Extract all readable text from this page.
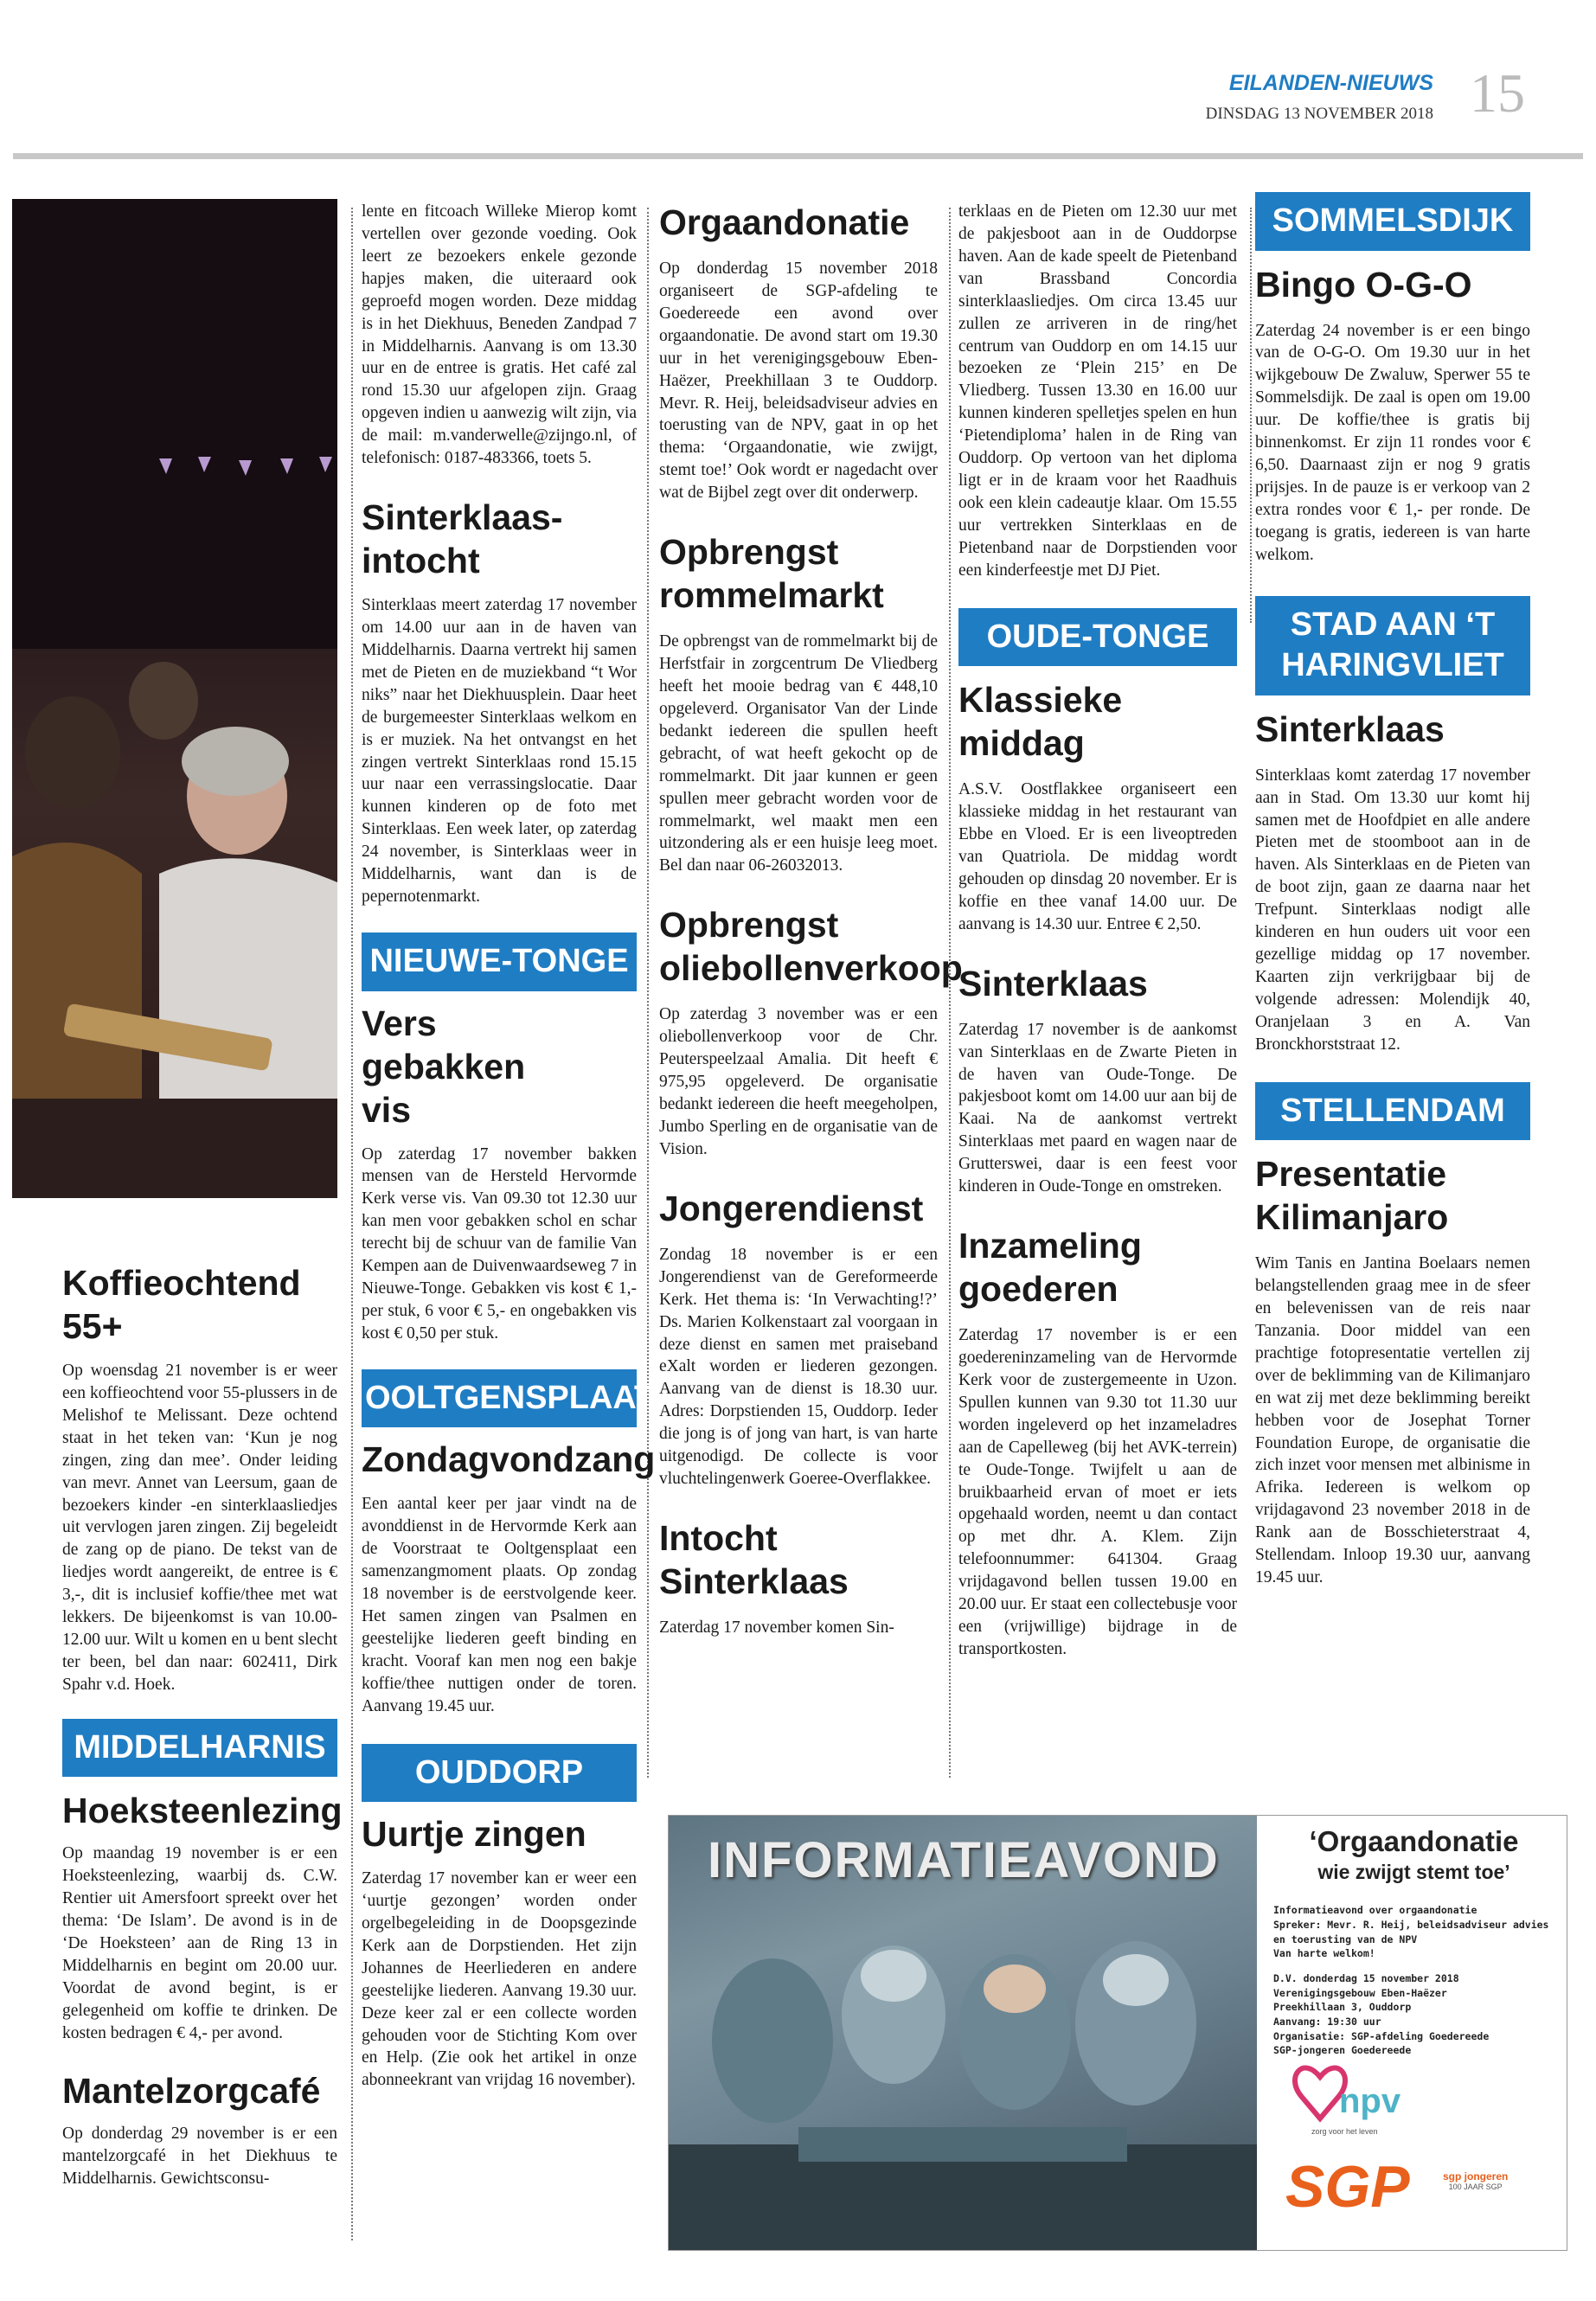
15
EILANDEN-NIEUWS
DINSDAG 13 NOVEMBER 2018
Koffieochtend 55+

Op woensdag 21 november is er weer een koffieochtend voor 55-plussers in de Melishof te Melissant. Deze ochtend staat in het teken van: ‘Kun je nog zingen, zing dan mee’. Onder leiding van mevr. Annet van Leersum, gaan de bezoekers kinder -en sinterklaasliedjes uit vervlogen jaren zingen. Zij begeleidt de zang op de piano. De tekst van de liedjes wordt aangereikt, de entree is € 3,-, dit is inclusief koffie/thee met wat lekkers. De bijeenkomst is van 10.00-12.00 uur. Wilt u komen en u bent slecht ter been, bel dan naar: 602411, Dirk Spahr v.d. Hoek.

MIDDELHARNIS
Hoeksteenlezing

Op maandag 19 november is er een Hoeksteenlezing, waarbij ds. C.W. Rentier uit Amersfoort spreekt over het thema: ‘De Islam’. De avond is in de ‘De Hoeksteen’ aan de Ring 13 in Middelharnis en begint om 20.00 uur. Voordat de avond begint, is er gelegenheid om koffie te drinken. De kosten bedragen € 4,- per avond.

Mantelzorgcafé

Op donderdag 29 november is er een mantelzorgcafé in het Diekhuus te Middelharnis. Gewichtsconsu-

lente en fitcoach Willeke Mierop komt vertellen over gezonde voeding. Ook leert ze bezoekers enkele gezonde hapjes maken, die uiteraard ook geproefd mogen worden. Deze middag is in het Diekhuus, Beneden Zandpad 7 in Middelharnis. Aanvang is om 13.30 uur en de entree is gratis. Het café zal rond 15.30 uur afgelopen zijn. Graag opgeven indien u aanwezig wilt zijn, via de mail: m.vanderwelle@zijngo.nl, of telefonisch: 0187-483366, toets 5.

Sinterklaas-intocht

Sinterklaas meert zaterdag 17 november om 14.00 uur aan in de haven van Middelharnis. Daarna vertrekt hij samen met de Pieten en de muziekband “t Wor niks” naar het Diekhuusplein. Daar heet de burgemeester Sinterklaas welkom en is er muziek. Na het ontvangst en het zingen vertrekt Sinterklaas rond 15.15 uur naar een verrassingslocatie. Daar kunnen kinderen op de foto met Sinterklaas. Een week later, op zaterdag 24 november, is Sinterklaas weer in Middelharnis, want dan is de pepernotenmarkt.

NIEUWE-TONGE
Vers gebakken vis

Op zaterdag 17 november bakken mensen van de Hersteld Hervormde Kerk verse vis. Van 09.30 tot 12.30 uur kan men voor gebakken schol en schar terecht bij de schuur van de familie Van Kempen aan de Duivenwaardseweg 7 in Nieuwe-Tonge. Gebakken vis kost € 1,- per stuk, 6 voor € 5,- en ongebakken vis kost € 0,50 per stuk.

OOLTGENSPLAAT
Zondagvondzang

Een aantal keer per jaar vindt na de avonddienst in de Hervormde Kerk aan de Voorstraat te Ooltgensplaat een samenzangmoment plaats. Op zondag 18 november is de eerstvolgende keer. Het samen zingen van Psalmen en geestelijke liederen geeft binding en kracht. Vooraf kan men nog een bakje koffie/thee nuttigen onder de toren. Aanvang 19.45 uur.

OUDDORP
Uurtje zingen

Zaterdag 17 november kan er weer een ‘uurtje gezongen’ worden onder orgelbegeleiding in de Doopsgezinde Kerk aan de Dorpstienden. Het zijn Johannes de Heerliederen en andere geestelijke liederen. Aanvang 19.30 uur. Deze keer zal er een collecte worden gehouden voor de Stichting Kom over en Help. (Zie ook het artikel in onze abonneekrant van vrijdag 16 november).

Orgaandonatie

Op donderdag 15 november 2018 organiseert de SGP-afdeling te Goedereede een avond over orgaandonatie. De avond start om 19.30 uur in het verenigingsgebouw Eben-Haëzer, Preekhillaan 3 te Ouddorp. Mevr. R. Heij, beleidsadviseur advies en toerusting van de NPV, gaat in op het thema: ‘Orgaandonatie, wie zwijgt, stemt toe!’ Ook wordt er nagedacht over wat de Bijbel zegt over dit onderwerp.

Opbrengst rommelmarkt

De opbrengst van de rommelmarkt bij de Herfstfair in zorgcentrum De Vliedberg heeft het mooie bedrag van € 448,10 opgeleverd. Organisator Van der Linde bedankt iedereen die spullen heeft gebracht, of wat heeft gekocht op de rommelmarkt. Dit jaar kunnen er geen spullen meer gebracht worden voor de rommelmarkt, wel maakt men een uitzondering als er een huisje leeg moet. Bel dan naar 06-26032013.

Opbrengst oliebollenverkoop

Op zaterdag 3 november was er een oliebollenverkoop voor de Chr. Peuterspeelzaal Amalia. Dit heeft € 975,95 opgeleverd. De organisatie bedankt iedereen die heeft meegeholpen, Jumbo Sperling en de organisatie van de Vision.

Jongerendienst

Zondag 18 november is er een Jongerendienst van de Gereformeerde Kerk. Het thema is: ‘In Verwachting!?’ Ds. Marien Kolkenstaart zal voorgaan in deze dienst en samen met praiseband eXalt worden er liederen gezongen. Aanvang van de dienst is 18.30 uur. Adres: Dorpstienden 15, Ouddorp. Ieder die jong is of jong van hart, is van harte uitgenodigd. De collecte is voor vluchtelingenwerk Goeree-Overflakkee.

Intocht Sinterklaas

Zaterdag 17 november komen Sin-

terklaas en de Pieten om 12.30 uur met de pakjesboot aan in de Ouddorpse haven. Aan de kade speelt de Pietenband van Brassband Concordia sinterklaasliedjes. Om circa 13.45 uur zullen ze arriveren in de ring/het centrum van Ouddorp en om 14.15 uur bezoeken ze ‘Plein 215’ en De Vliedberg. Tussen 13.30 en 16.00 uur kunnen kinderen spelletjes spelen en hun ‘Pietendiploma’ halen in de Ring van Ouddorp. Op vertoon van het diploma ligt er in de kraam voor het Raadhuis ook een klein cadeautje klaar. Om 15.55 uur vertrekken Sinterklaas en de Pietenband naar de Dorpstienden voor een kinderfeestje met DJ Piet.

OUDE-TONGE
Klassieke middag

A.S.V. Oostflakkee organiseert een klassieke middag in het restaurant van Ebbe en Vloed. Er is een liveoptreden van Quatriola. De middag wordt gehouden op dinsdag 20 november. Er is koffie en thee vanaf 14.00 uur. De aanvang is 14.30 uur. Entree € 2,50.

Sinterklaas

Zaterdag 17 november is de aankomst van Sinterklaas en de Zwarte Pieten in de haven van Oude-Tonge. De pakjesboot komt om 14.00 uur aan bij de Kaai. Na de aankomst vertrekt Sinterklaas met paard en wagen naar de Grutterswei, daar is een feest voor kinderen in Oude-Tonge en omstreken.

Inzameling goederen

Zaterdag 17 november is er een goedereninzameling van de Hervormde Kerk voor de zustergemeente in Uzon. Spullen kunnen van 9.30 tot 11.30 uur worden ingeleverd op het inzameladres aan de Capelleweg (bij het AVK-terrein) te Oude-Tonge. Twijfelt u aan de bruikbaarheid ervan of moet er iets opgehaald worden, neemt u dan contact op met dhr. A. Klem. Zijn telefoonnummer: 641304. Graag vrijdagavond bellen tussen 19.00 en 20.00 uur. Er staat een collectebusje voor een (vrijwillige) bijdrage in de transportkosten.

SOMMELSDIJK
Bingo O-G-O

Zaterdag 24 november is er een bingo van de O-G-O. Om 19.30 uur in het wijkgebouw De Zwaluw, Sperwer 55 te Sommelsdijk. De zaal is open om 19.00 uur. De koffie/thee is gratis bij binnenkomst. Er zijn 11 rondes voor € 6,50. Daarnaast zijn er nog 9 gratis prijsjes. In de pauze is er verkoop van 2 extra rondes voor € 1,- per ronde. De toegang is gratis, iedereen is van harte welkom.

STAD AAN ‘T HARINGVLIET
Sinterklaas

Sinterklaas komt zaterdag 17 november aan in Stad. Om 13.30 uur komt hij samen met de Hoofdpiet en alle andere Pieten met de stoomboot aan in de haven. Als Sinterklaas en de Pieten van de boot zijn, gaan ze daarna naar het Trefpunt. Sinterklaas nodigt alle kinderen en hun ouders uit voor een gezellige middag op 17 november. Kaarten zijn verkrijgbaar bij de volgende adressen: Molendijk 40, Oranjelaan 3 en A. Van Bronckhorststraat 12.

STELLENDAM
Presentatie Kilimanjaro

Wim Tanis en Jantina Boelaars nemen belangstellenden graag mee in de sfeer en belevenissen van de reis naar Tanzania. Door middel van een prachtige fotopresentatie vertellen zij over de beklimming van de Kilimanjaro en wat zij met deze beklimming bereikt hebben voor de Josephat Torner Foundation Europe, de organisatie die zich inzet voor mensen met albinisme in Afrika. Iedereen is welkom op vrijdagavond 23 november 2018 in de Rank aan de Bosschieterstraat 4, Stellendam. Inloop 19.30 uur, aanvang 19.45 uur.

INFORMATIEAVOND	‘Orgaandonatie
wie zwijgt stemt toe’
Informatieavond over orgaandonatie
Spreker: Mevr. R. Heij, beleidsadviseur advies en toerusting van de NPV
Van harte welkom!
D.V. donderdag 15 november 2018
Verenigingsgebouw Eben-Haëzer
Preekhillaan 3, Ouddorp
Aanvang: 19:30 uur
Organisatie: SGP-afdeling Goedereede
SGP-jongeren Goedereede
npv
zorg voor het leven
SGP	sgp jongeren
100 JAAR SGP
